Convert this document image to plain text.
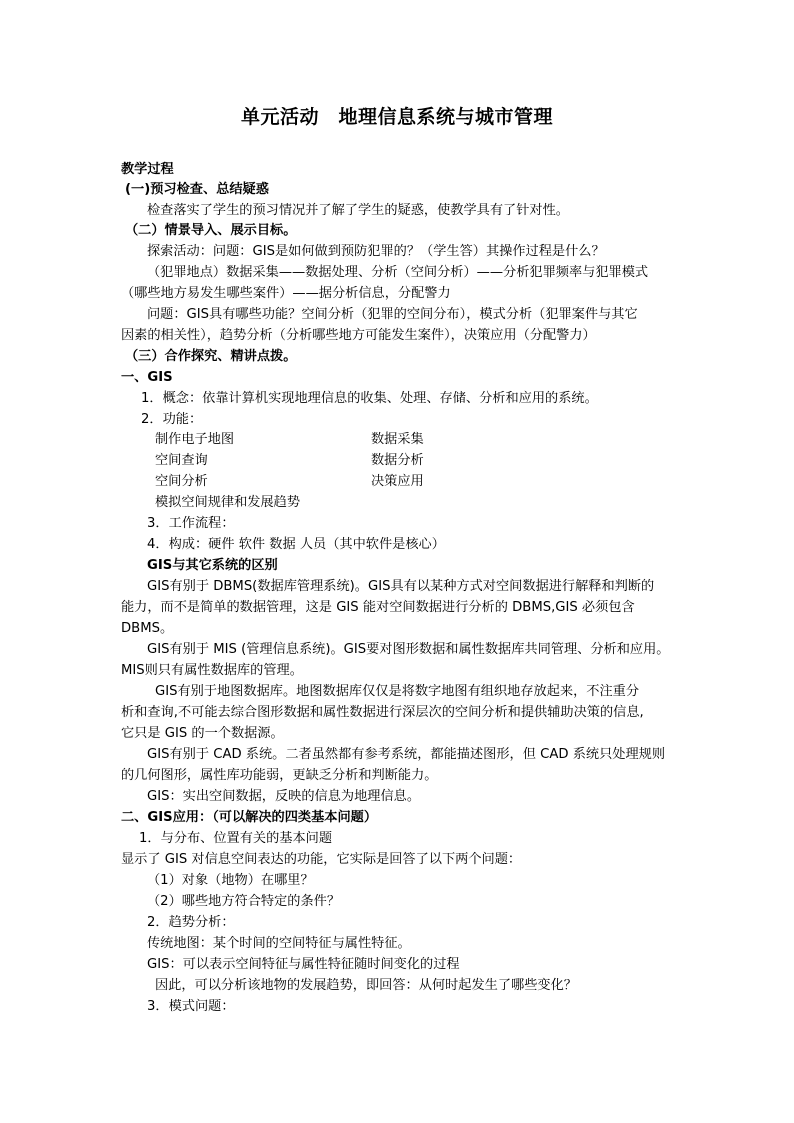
单元活动　地理信息系统与城市管理
教学过程
(一)预习检查、总结疑惑
检查落实了学生的预习情况并了解了学生的疑惑，使教学具有了针对性。
（二）情景导入、展示目标。
探索活动：问题：GIS是如何做到预防犯罪的？（学生答）其操作过程是什么？
（犯罪地点）数据采集——数据处理、分析（空间分析）——分析犯罪频率与犯罪模式
（哪些地方易发生哪些案件）——据分析信息，分配警力
问题：GIS具有哪些功能？空间分析（犯罪的空间分布），模式分析（犯罪案件与其它
因素的相关性），趋势分析（分析哪些地方可能发生案件），决策应用（分配警力）
（三）合作探究、精讲点拨。
一、GIS
1．概念：依靠计算机实现地理信息的收集、处理、存储、分析和应用的系统。
2．功能：
制作电子地图	数据采集
空间查询	数据分析
空间分析	决策应用
模拟空间规律和发展趋势
3．工作流程：
4．构成：硬件 软件 数据 人员（其中软件是核心）
GIS与其它系统的区别
GIS有别于 DBMS(数据库管理系统)。GIS具有以某种方式对空间数据进行解释和判断的
能力，而不是简单的数据管理，这是 GIS 能对空间数据进行分析的 DBMS,GIS 必须包含
DBMS。
GIS有别于 MIS (管理信息系统)。GIS要对图形数据和属性数据库共同管理、分析和应用。
MIS则只有属性数据库的管理。
GIS有别于地图数据库。地图数据库仅仅是将数字地图有组织地存放起来，不注重分
析和查询,不可能去综合图形数据和属性数据进行深层次的空间分析和提供辅助决策的信息,
它只是 GIS 的一个数据源。
GIS有别于 CAD 系统。二者虽然都有参考系统，都能描述图形，但 CAD 系统只处理规则
的几何图形，属性库功能弱，更缺乏分析和判断能力。
GIS：实出空间数据，反映的信息为地理信息。
二、GIS应用：（可以解决的四类基本问题）
1．与分布、位置有关的基本问题
显示了 GIS 对信息空间表达的功能，它实际是回答了以下两个问题：
（1）对象（地物）在哪里？
（2）哪些地方符合特定的条件？
2．趋势分析：
传统地图：某个时间的空间特征与属性特征。
GIS：可以表示空间特征与属性特征随时间变化的过程
因此，可以分析该地物的发展趋势，即回答：从何时起发生了哪些变化？
3．模式问题：
